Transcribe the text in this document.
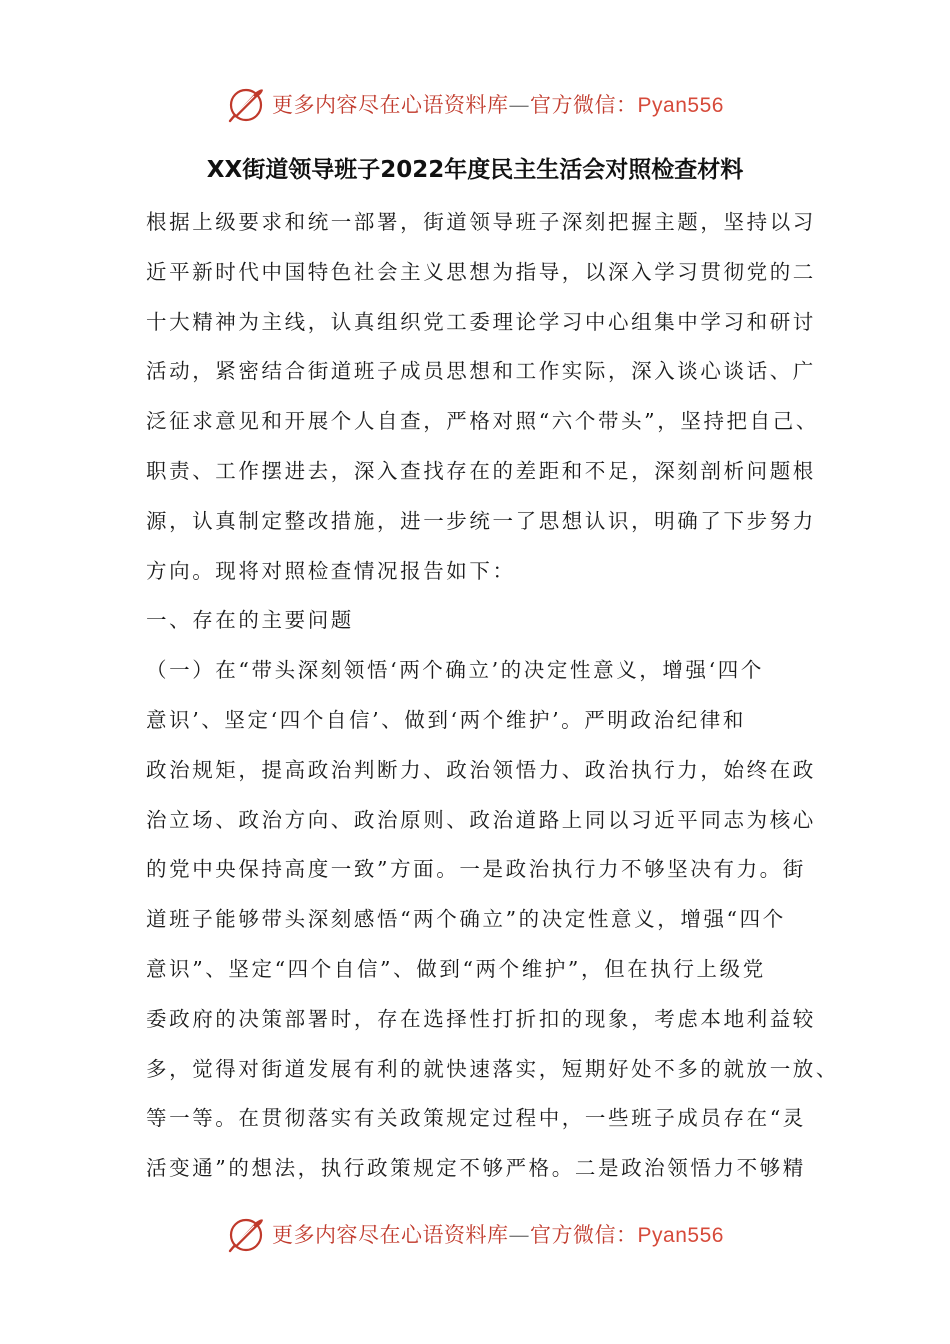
更多内容尽在心语资料库—官方微信：Pyan556
XX街道领导班子2022年度民主生活会对照检查材料
根据上级要求和统一部署，街道领导班子深刻把握主题，坚持以习
近平新时代中国特色社会主义思想为指导，以深入学习贯彻党的二
十大精神为主线，认真组织党工委理论学习中心组集中学习和研讨
活动，紧密结合街道班子成员思想和工作实际，深入谈心谈话、广
泛征求意见和开展个人自查，严格对照“六个带头”，坚持把自己、
职责、工作摆进去，深入查找存在的差距和不足，深刻剖析问题根
源，认真制定整改措施，进一步统一了思想认识，明确了下步努力
方向。现将对照检查情况报告如下：
一、存在的主要问题
（一）在“带头深刻领悟‘两个确立’的决定性意义，增强‘四个
意识’、坚定‘四个自信’、做到‘两个维护’。严明政治纪律和
政治规矩，提高政治判断力、政治领悟力、政治执行力，始终在政
治立场、政治方向、政治原则、政治道路上同以习近平同志为核心
的党中央保持高度一致”方面。一是政治执行力不够坚决有力。街
道班子能够带头深刻感悟“两个确立”的决定性意义，增强“四个
意识”、坚定“四个自信”、做到“两个维护”，但在执行上级党
委政府的决策部署时，存在选择性打折扣的现象，考虑本地利益较
多，觉得对街道发展有利的就快速落实，短期好处不多的就放一放、
等一等。在贯彻落实有关政策规定过程中，一些班子成员存在“灵
活变通”的想法，执行政策规定不够严格。二是政治领悟力不够精
更多内容尽在心语资料库—官方微信：Pyan556
